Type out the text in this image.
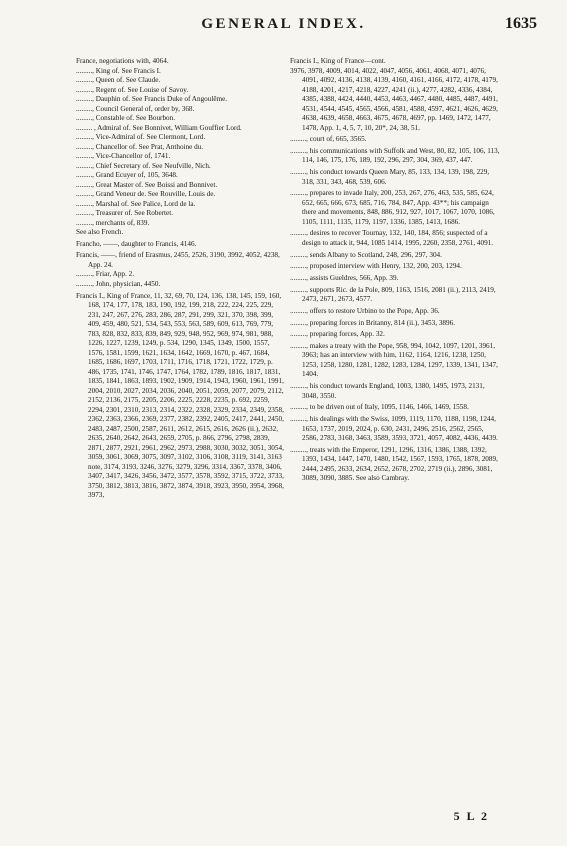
GENERAL INDEX.	1635
France, negotiations with, 4064.
........., King of. See Francis I.
........., Queen of. See Claude.
........., Regent of. See Louise of Savoy.
........., Dauphin of. See Francis Duke of Angoulême.
........., Council General of, order by, 368.
........., Constable of. See Bourbon.
......... , Admiral of. See Bonnivet, William Gouffier Lord.
........., Vice-Admiral of. See Clermont, Lord.
........., Chancellor of. See Prat, Anthoine du.
........., Vice-Chancellor of, 1741.
........., Chief Secretary of. See Neufville, Nich.
........., Grand Ecuyer of, 105, 3648.
........., Great Master of. See Boissi and Bonnivet.
........., Grand Veneur de. See Rouville, Louis de.
........., Marshal of. See Palice, Lord de la.
........., Treasurer of. See Robertet.
........., merchants of, 839.
See also French.
Francho, ——, daughter to Francis, 4146.
Francis, ——, friend of Erasmus, 2455, 2526, 3190, 3992, 4052, 4238, App. 24.
........., Friar, App. 2.
........., John, physician, 4450.
Francis I., King of France, 11, 32, 69, 70, 124, 136, 138, 145, 159, 160, 168, 174, 177, 178, 183, 190, 192, 199, 218, 222, 224, 225, 229, 231, 247, 267, 276, 283, 286, 287, 291, 299, 321, 370, 398, 399, 409, 459, 480, 521, 534, 543, 553, 563, 589, 609, 613, 769, 779, 783, 828, 832, 833, 839, 849, 929, 948, 952, 969, 974, 981, 988, 1226, 1227, 1239, 1249, p. 534, 1290, 1345, 1349, 1500, 1557, 1576, 1581, 1599, 1621, 1634, 1642, 1669, 1670, p. 467, 1684, 1685, 1686, 1697, 1703, 1711, 1716, 1718, 1721, 1722, 1729, p. 486, 1735, 1741, 1746, 1747, 1764, 1782, 1789, 1816, 1817, 1831, 1835, 1841, 1863, 1893, 1902, 1909, 1914, 1943, 1960, 1961, 1991, 2004, 2010, 2027, 2034, 2036, 2040, 2051, 2059, 2077, 2079, 2112, 2152, 2136, 2175, 2205, 2206, 2225, 2228, 2235, p. 692, 2259, 2294, 2301, 2310, 2313, 2314, 2322, 2328, 2329, 2334, 2349, 2358, 2362, 2363, 2366, 2369, 2377, 2382, 2392, 2405, 2417, 2441, 2450, 2483, 2487, 2500, 2587, 2611, 2612, 2615, 2616, 2626 (ii.), 2632, 2635, 2640, 2642, 2643, 2659, 2705, p. 866, 2796, 2798, 2839, 2871, 2877, 2921, 2961, 2962, 2973, 2988, 3030, 3032, 3051, 3054, 3059, 3061, 3069, 3075, 3097, 3102, 3106, 3108, 3119, 3141, 3163 note, 3174, 3193, 3246, 3276, 3279, 3296, 3314, 3367, 3378, 3406, 3407, 3417, 3426, 3456, 3472, 3577, 3578, 3592, 3715, 3722, 3733, 3750, 3812, 3813, 3816, 3872, 3874, 3918, 3923, 3950, 3954, 3968, 3973,
Francis I., King of France—cont.
3976, 3978, 4009, 4014, 4022, 4047, 4056, 4061, 4068, 4071, 4076, 4091, 4092, 4136, 4138, 4139, 4160, 4161, 4166, 4172, 4178, 4179, 4188, 4201, 4217, 4218, 4227, 4241 (ii.), 4277, 4282, 4336, 4384, 4385, 4388, 4424, 4440, 4453, 4463, 4467, 4480, 4485, 4487, 4491, 4531, 4544, 4545, 4565, 4566, 4581, 4588, 4597, 4621, 4626, 4629, 4638, 4639, 4658, 4663, 4675, 4678, 4697, pp. 1469, 1472, 1477, 1478, App. 1, 4, 5, 7, 10, 20*, 24, 38, 51.
........., court of, 665, 3565.
........., his communications with Suffolk and West, 80, 82, 105, 106, 113, 114, 146, 175, 176, 189, 192, 296, 297, 304, 369, 437, 447.
........., his conduct towards Queen Mary, 85, 133, 134, 139, 198, 229, 318, 331, 343, 468, 539, 606.
........., prepares to invade Italy, 200, 253, 267, 276, 463, 535, 585, 624, 652, 665, 666, 673, 685, 716, 784, 847, App. 43**; his campaign there and movements, 848, 886, 912, 927, 1017, 1067, 1070, 1086, 1105, 1111, 1135, 1179, 1197, 1336, 1385, 1413, 1686.
........., desires to recover Tournay, 132, 140, 184, 856; suspected of a design to attack it, 944, 1085 1414, 1995, 2260, 2358, 2761, 4091.
........., sends Albany to Scotland, 248, 296, 297, 304.
........., proposed interview with Henry, 132, 200, 203, 1294.
........., assists Gueldres, 566, App. 39.
........., supports Ric. de la Pole, 809, 1163, 1516, 2081 (ii.), 2113, 2419, 2473, 2671, 2673, 4577.
........., offers to restore Urbino to the Pope, App. 36.
........., preparing forces in Britanny, 814 (ii.), 3453, 3896.
........., preparing forces, App. 32.
........., makes a treaty with the Pope, 958, 994, 1042, 1097, 1201, 3961, 3963; has an interview with him, 1162, 1164, 1216, 1238, 1250, 1253, 1258, 1280, 1281, 1282, 1283, 1284, 1297, 1339, 1341, 1347, 1404.
........., his conduct towards England, 1003, 1380, 1495, 1973, 2131, 3048, 3550.
........., to be driven out of Italy, 1095, 1146, 1466, 1469, 1558.
........., his dealings with the Swiss, 1099, 1119, 1170, 1188, 1198, 1244, 1653, 1737, 2019, 2024, p. 630, 2431, 2496, 2516, 2562, 2565, 2586, 2783, 3168, 3463, 3589, 3593, 3721, 4057, 4082, 4436, 4439.
........., treats with the Emperor, 1291, 1296, 1316, 1386, 1388, 1392, 1393, 1434, 1447, 1470, 1480, 1542, 1567, 1593, 1765, 1878, 2089, 2444, 2495, 2633, 2634, 2652, 2678, 2702, 2719 (ii.), 2896, 3081, 3089, 3090, 3885. See also Cambray.
5 L 2
